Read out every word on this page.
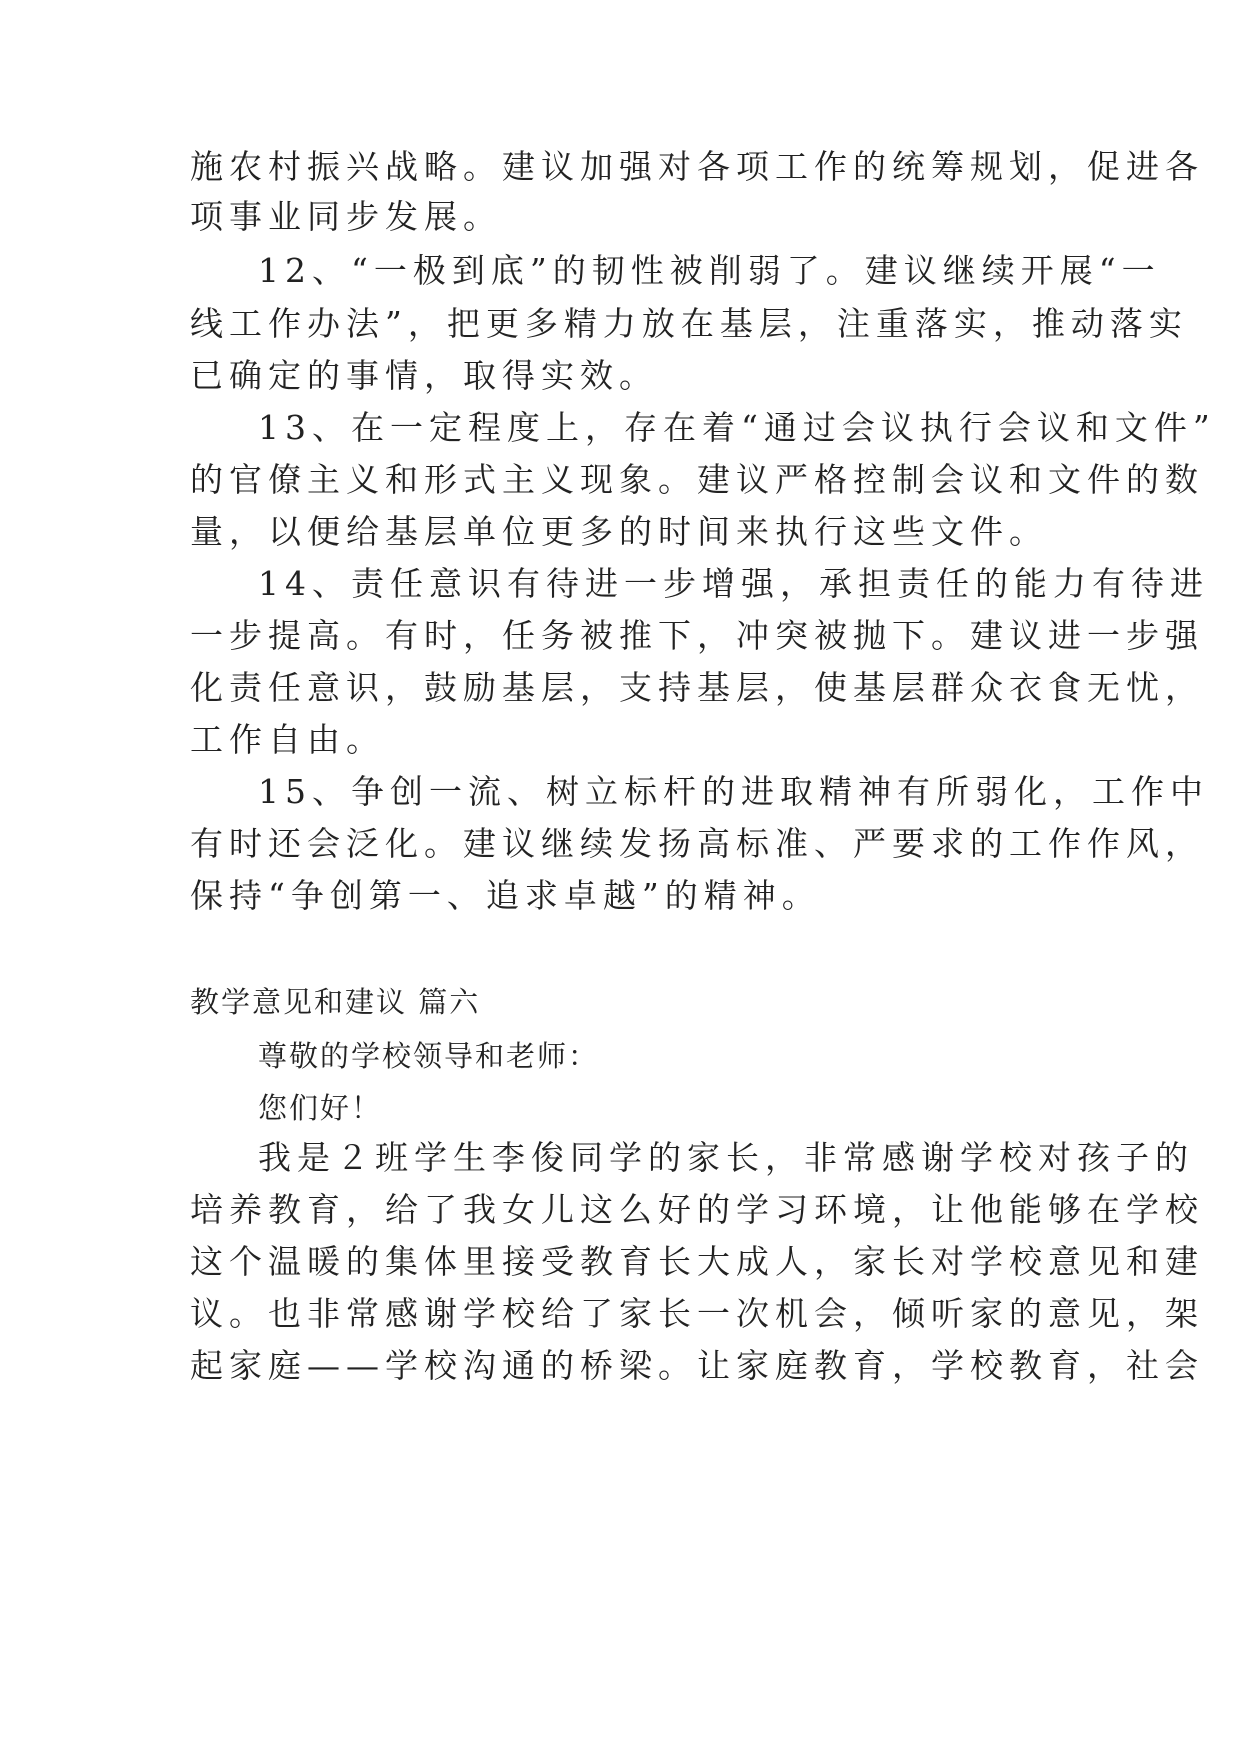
施农村振兴战略。建议加强对各项工作的统筹规划，促进各
项事业同步发展。
12、“一极到底”的韧性被削弱了。建议继续开展“一
线工作办法”，把更多精力放在基层，注重落实，推动落实
已确定的事情，取得实效。
13、在一定程度上，存在着“通过会议执行会议和文件”
的官僚主义和形式主义现象。建议严格控制会议和文件的数
量，以便给基层单位更多的时间来执行这些文件。
14、责任意识有待进一步增强，承担责任的能力有待进
一步提高。有时，任务被推下，冲突被抛下。建议进一步强
化责任意识，鼓励基层，支持基层，使基层群众衣食无忧，
工作自由。
15、争创一流、树立标杆的进取精神有所弱化，工作中
有时还会泛化。建议继续发扬高标准、严要求的工作作风，
保持“争创第一、追求卓越”的精神。
教学意见和建议 篇六
尊敬的学校领导和老师：
您们好！
我是２班学生李俊同学的家长，非常感谢学校对孩子的
培养教育，给了我女儿这么好的学习环境，让他能够在学校
这个温暖的集体里接受教育长大成人，家长对学校意见和建
议。也非常感谢学校给了家长一次机会，倾听家的意见，架
起家庭——学校沟通的桥梁。让家庭教育，学校教育，社会
